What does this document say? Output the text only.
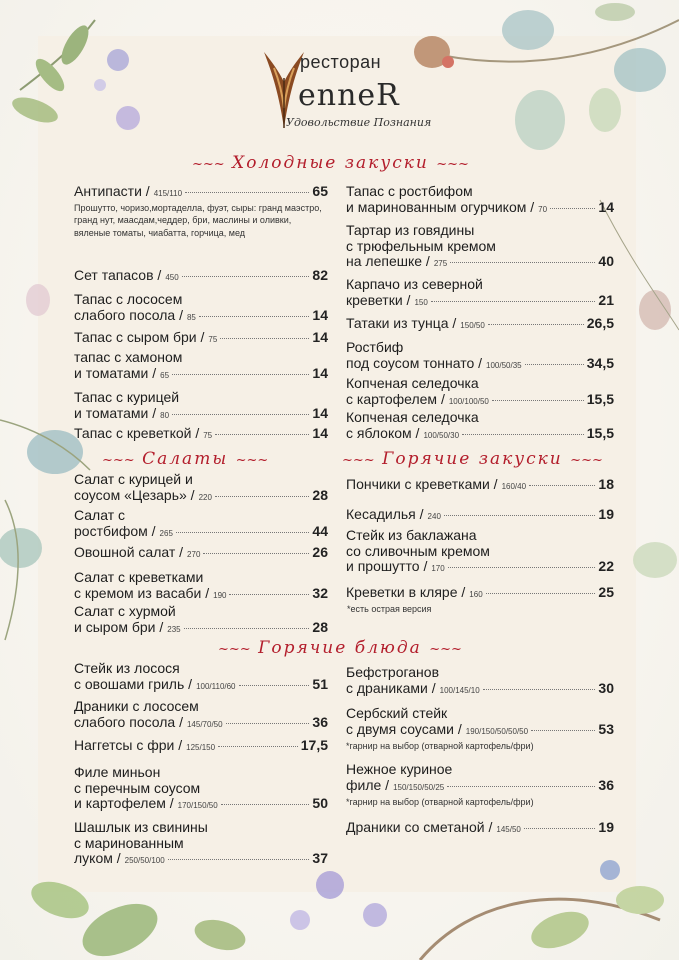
ресторан
еnneR
Удовольствие Познания
~~~ Холодные закуски ~~~
~~~ Салаты ~~~	~~~ Горячие закуски ~~~
~~~ Горячие блюда ~~~
Антипасти / 415/110	65
Прошутто, чоризо,мортаделла, фуэт, сыры: гранд маэстро, гранд нут, маасдам,чеддер, бри, маслины и оливки, вяленые томаты, чиабатта, горчица, мед
Сет тапасов / 450	82
Тапас с лососем
слабого посола / 85	14
Тапас с сыром бри / 75	14
тапас с хамоном
и томатами / 65	14
Тапас с курицей
и томатами / 80	14
Тапас с креветкой / 75	14
Тапас с ростбифом
и маринованным огурчиком / 70	14
Тартар из говядины
с трюфельным кремом
на лепешке / 275	40
Карпачо из северной
креветки / 150	21
Татаки из тунца / 150/50	26,5
Ростбиф
под соусом тоннато / 100/50/35	34,5
Копченая селедочка
с картофелем / 100/100/50	15,5
Копченая селедочка
с яблоком / 100/50/30	15,5
Салат с курицей и
соусом «Цезарь» / 220	28
Салат с
ростбифом / 265	44
Овошной салат / 270	26
Салат с креветками
с кремом из васаби / 190	32
Салат с хурмой
и сыром бри / 235	28
Пончики с креветками / 160/40	18
Кесадилья / 240	19
Стейк из баклажана
со сливочным кремом
и прошутто / 170	22
Креветки в кляре / 160	25
*есть острая версия
Стейк из лосося
с овошами гриль / 100/110/60	51
Драники с лососем
слабого посола / 145/70/50	36
Наггетсы с фри / 125/150	17,5
Филе миньон
с перечным соусом
и картофелем / 170/150/50	50
Шашлык из свинины
с маринованным
луком / 250/50/100	37
Бефстроганов
с драниками / 100/145/10	30
Сербский стейк
с двумя соусами / 190/150/50/50/50	53
*гарнир на выбор (отварной картофель/фри)
Нежное куриное
филе / 150/150/50/25	36
*гарнир на выбор (отварной картофель/фри)
Драники со сметаной / 145/50	19
